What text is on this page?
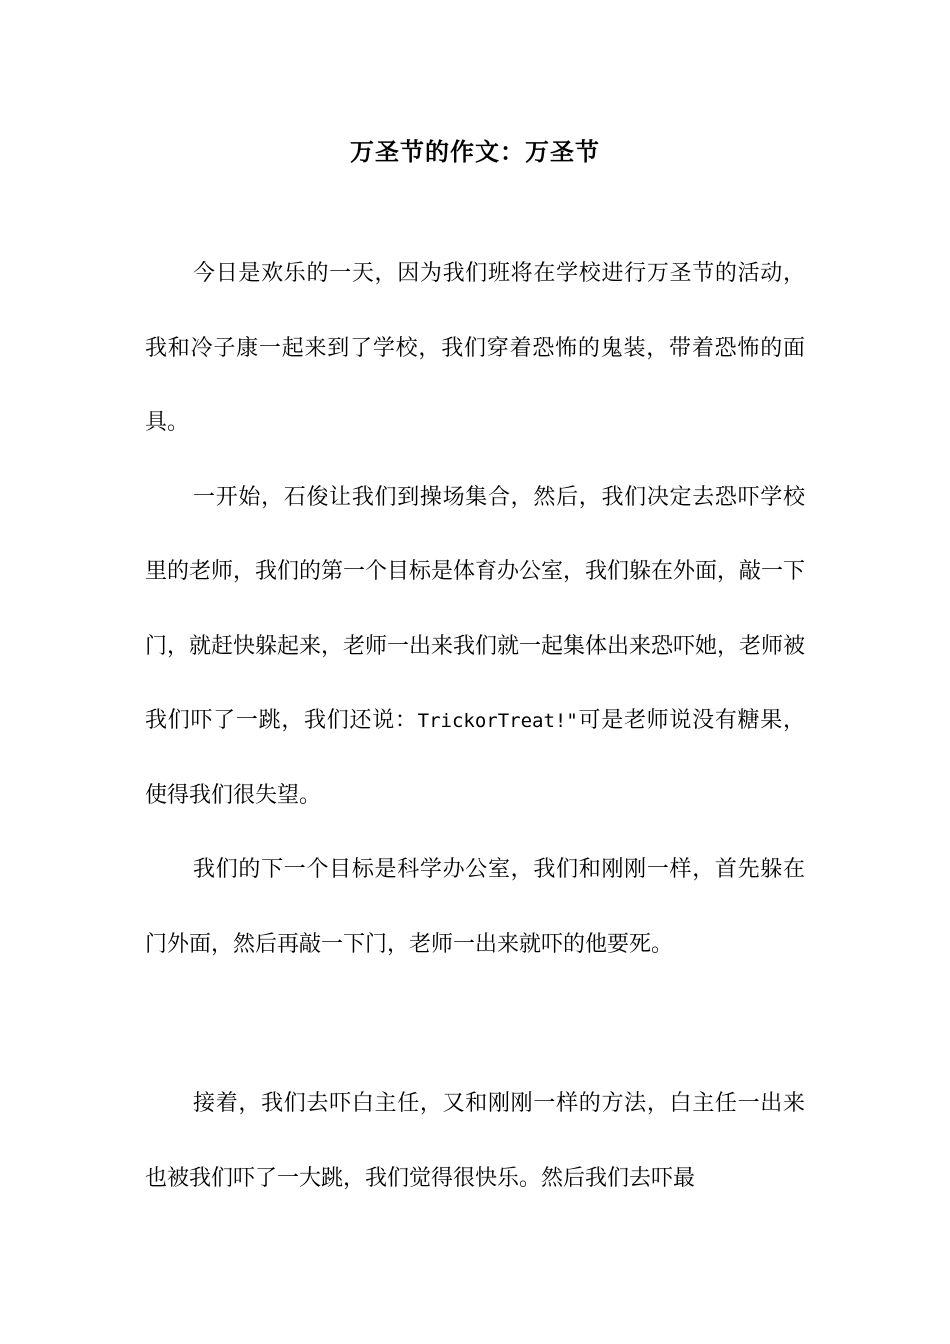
万圣节的作文：万圣节

今日是欢乐的一天，因为我们班将在学校进行万圣节的活动，我和冷子康一起来到了学校，我们穿着恐怖的鬼装，带着恐怖的面具。

一开始，石俊让我们到操场集合，然后，我们决定去恐吓学校里的老师，我们的第一个目标是体育办公室，我们躲在外面，敲一下门，就赶快躲起来，老师一出来我们就一起集体出来恐吓她，老师被我们吓了一跳，我们还说：TrickorTreat!"可是老师说没有糖果，使得我们很失望。

我们的下一个目标是科学办公室，我们和刚刚一样，首先躲在门外面，然后再敲一下门，老师一出来就吓的他要死。

接着，我们去吓白主任，又和刚刚一样的方法，白主任一出来也被我们吓了一大跳，我们觉得很快乐。然后我们去吓最
